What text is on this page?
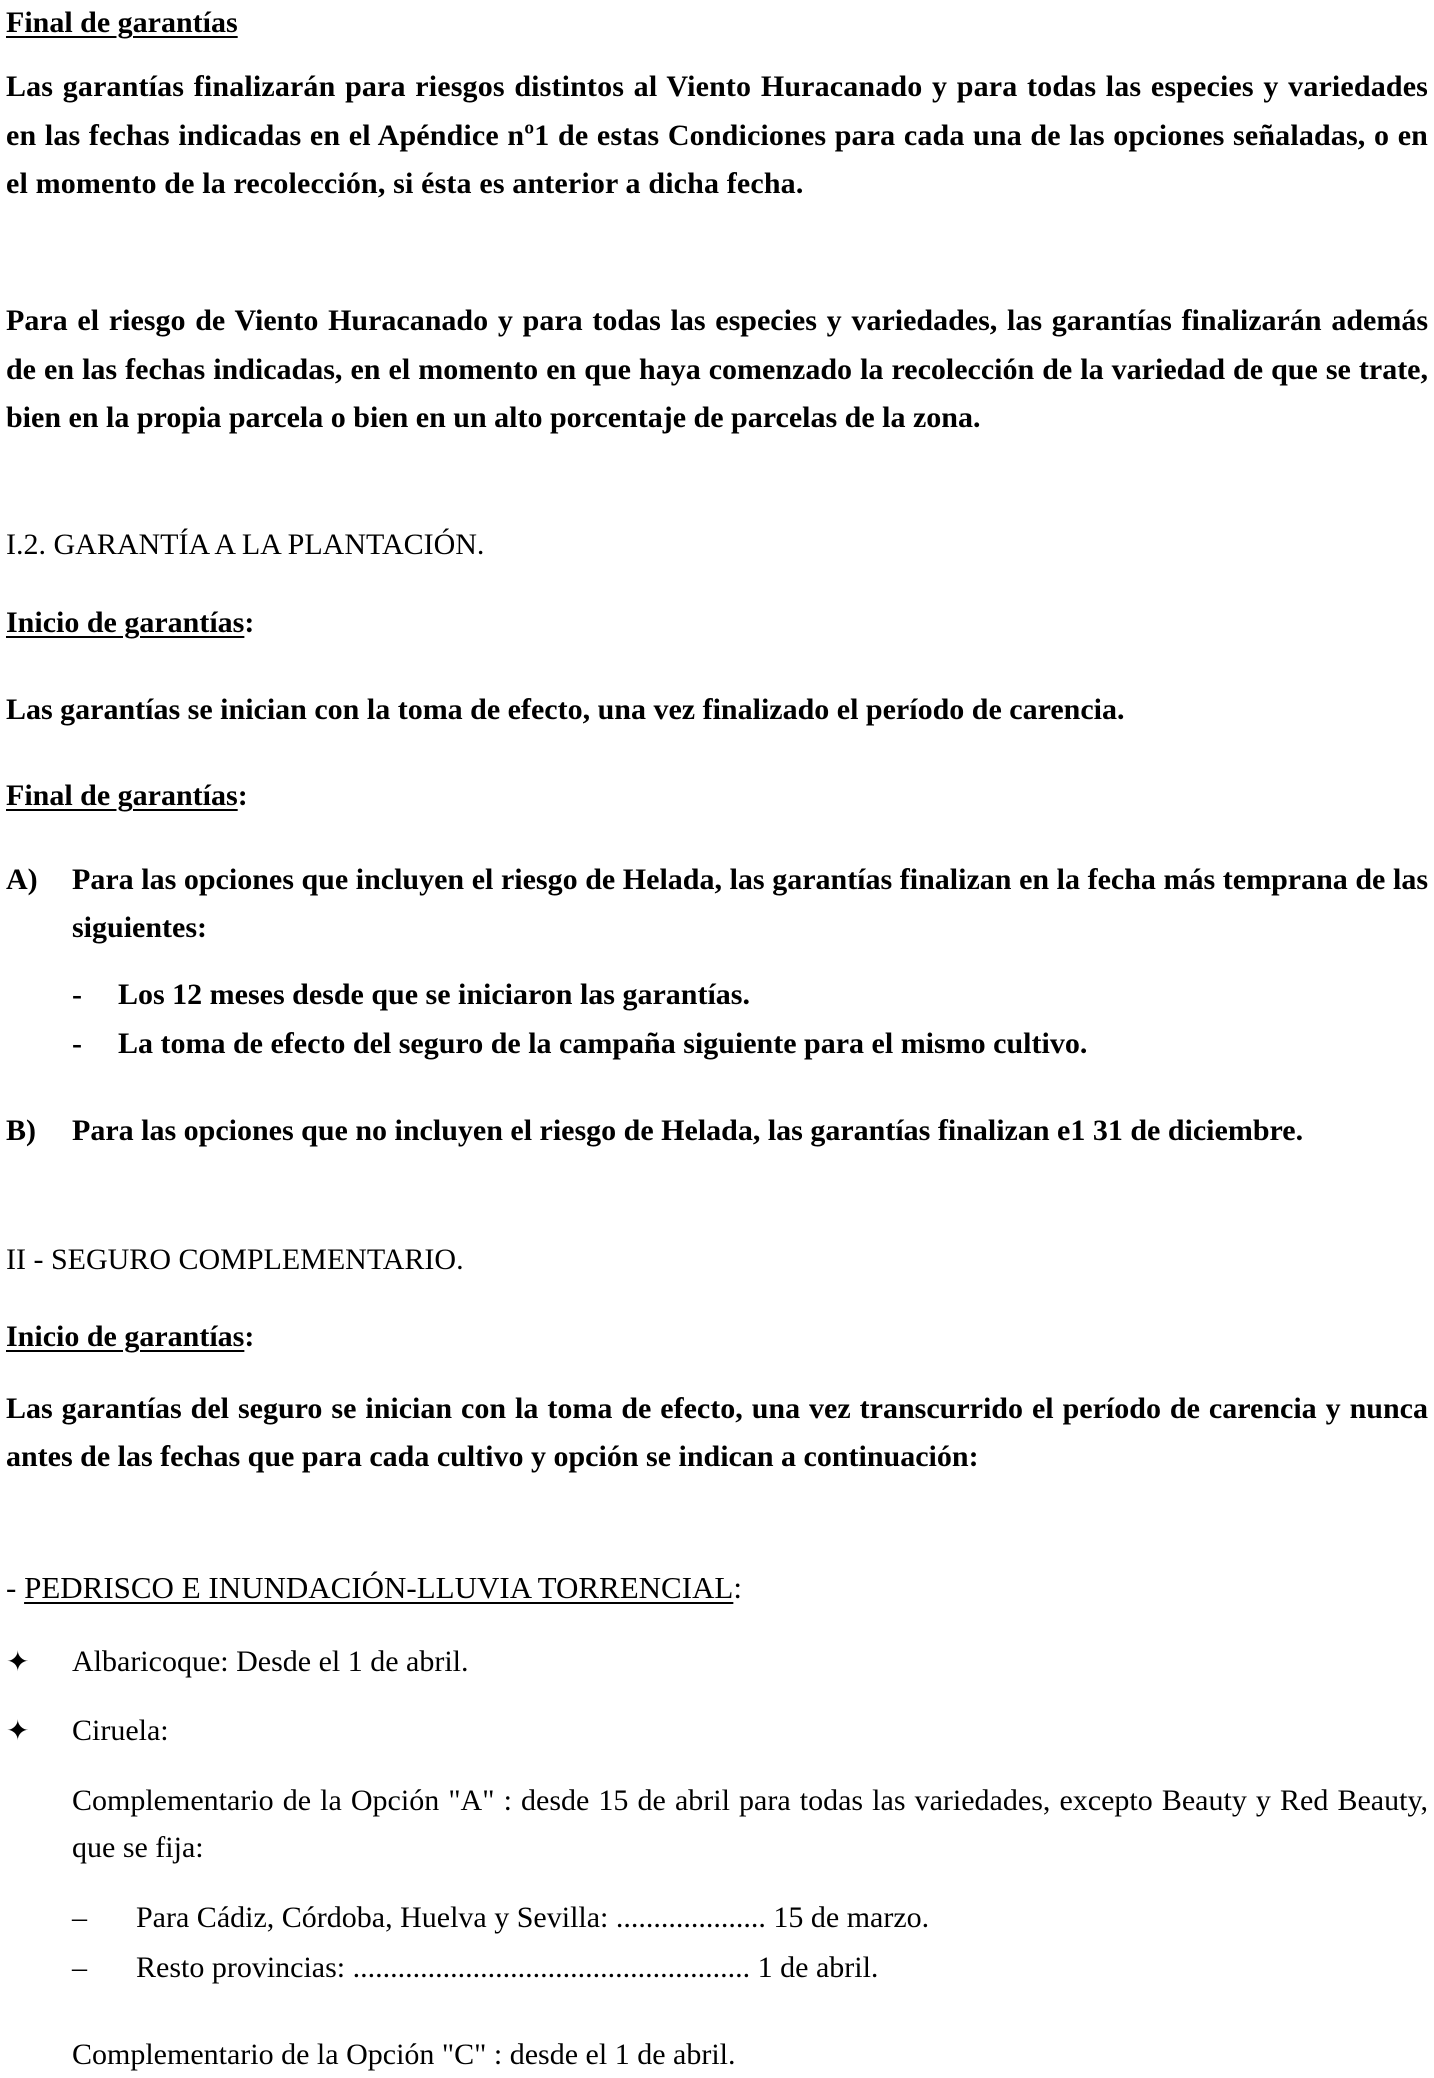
Final de garantías
Las garantías finalizarán para riesgos distintos al Viento Huracanado y para todas las especies y variedades en las fechas indicadas en el Apéndice nº1 de estas Condiciones para cada una de las opciones señaladas, o en el momento de la recolección, si ésta es anterior a dicha fecha.
Para el riesgo de Viento Huracanado y para todas las especies y variedades, las garantías finalizarán además de en las fechas indicadas, en el momento en que haya comenzado la recolección de la variedad de que se trate, bien en la propia parcela o bien en un alto porcentaje de parcelas de la zona.
I.2. GARANTÍA A LA PLANTACIÓN.
Inicio de garantías:
Las garantías se inician con la toma de efecto, una vez finalizado el período de carencia.
Final de garantías:
A) Para las opciones que incluyen el riesgo de Helada, las garantías finalizan en la fecha más temprana de las siguientes:
- Los 12 meses desde que se iniciaron las garantías.
- La toma de efecto del seguro de la campaña siguiente para el mismo cultivo.
B) Para las opciones que no incluyen el riesgo de Helada, las garantías finalizan e1 31 de diciembre.
II - SEGURO COMPLEMENTARIO.
Inicio de garantías:
Las garantías del seguro se inician con la toma de efecto, una vez transcurrido el período de carencia y nunca antes de las fechas que para cada cultivo y opción se indican a continuación:
- PEDRISCO E INUNDACIÓN-LLUVIA TORRENCIAL:
✦ Albaricoque: Desde el 1 de abril.
✦ Ciruela:
Complementario de la Opción "A" : desde 15 de abril para todas las variedades, excepto Beauty y Red Beauty, que se fija:
– Para Cádiz, Córdoba, Huelva y Sevilla: .................... 15 de marzo.
– Resto provincias: ..................................................... 1 de abril.
Complementario de la Opción "C" : desde el 1 de abril.
